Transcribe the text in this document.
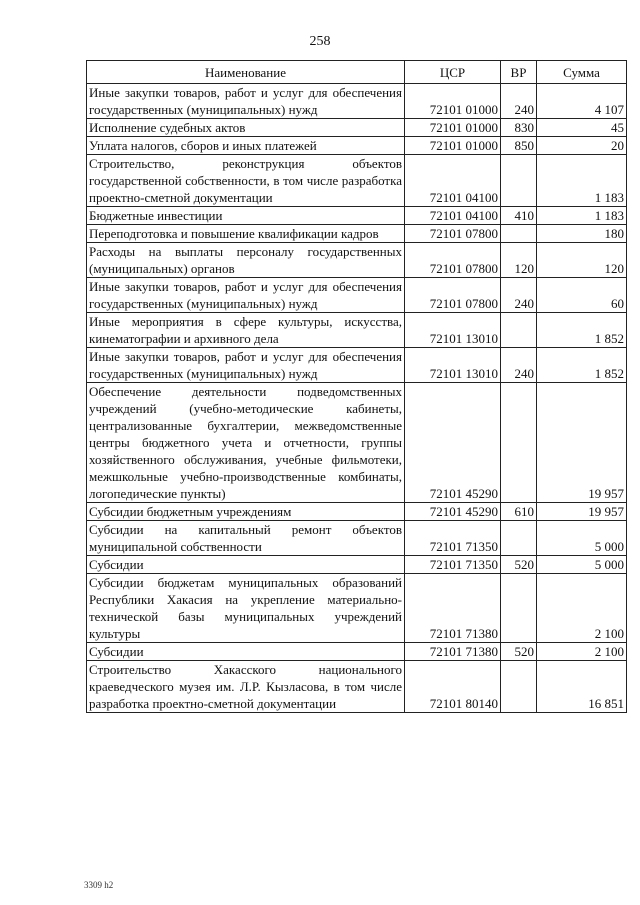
258
Наименование	ЦСР	ВР	Сумма
Иные закупки товаров, работ и услуг для обеспечения государственных (муниципальных) нужд	72101 01000	240	4 107
Исполнение судебных актов	72101 01000	830	45
Уплата налогов, сборов и иных платежей	72101 01000	850	20
Строительство, реконструкция объектов государственной собственности, в том числе разработка проектно-сметной документации	72101 04100		1 183
Бюджетные инвестиции	72101 04100	410	1 183
Переподготовка и повышение квалификации кадров	72101 07800		180
Расходы на выплаты персоналу государственных (муниципальных) органов	72101 07800	120	120
Иные закупки товаров, работ и услуг для обеспечения государственных (муниципальных) нужд	72101 07800	240	60
Иные мероприятия в сфере культуры, искусства, кинематографии и архивного дела	72101 13010		1 852
Иные закупки товаров, работ и услуг для обеспечения государственных (муниципальных) нужд	72101 13010	240	1 852
Обеспечение деятельности подведомственных учреждений (учебно-методические кабинеты, централизованные бухгалтерии, межведомственные центры бюджетного учета и отчетности, группы хозяйственного обслуживания, учебные фильмотеки, межшкольные учебно-производственные комбинаты, логопедические пункты)	72101 45290		19 957
Субсидии бюджетным учреждениям	72101 45290	610	19 957
Субсидии на капитальный ремонт объектов муниципальной собственности	72101 71350		5 000
Субсидии	72101 71350	520	5 000
Субсидии бюджетам муниципальных образований Республики Хакасия на укрепление материально-технической базы муниципальных учреждений культуры	72101 71380		2 100
Субсидии	72101 71380	520	2 100
Строительство Хакасского национального краеведческого музея им. Л.Р. Кызласова, в том числе разработка проектно-сметной документации	72101 80140		16 851
3309 h2
